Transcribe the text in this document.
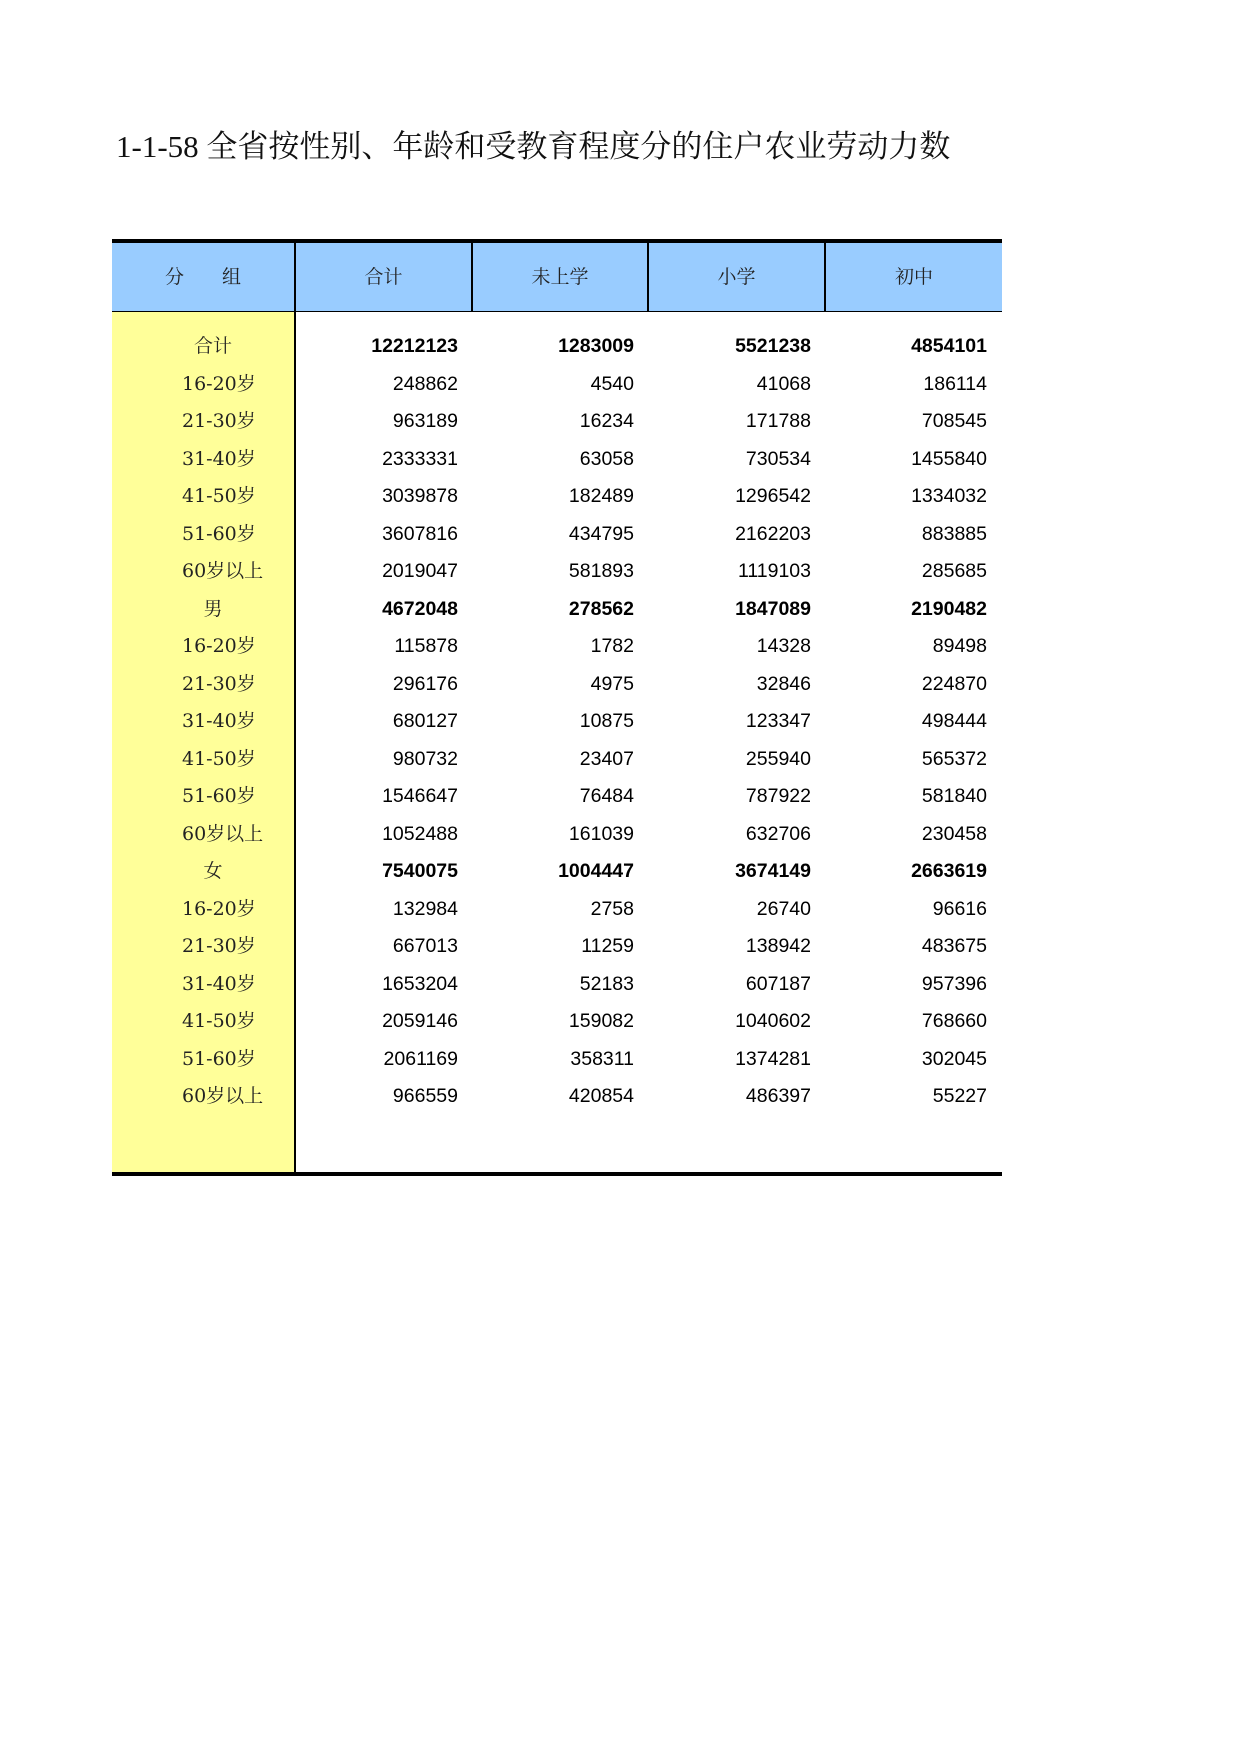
1-1-58 全省按性别、年龄和受教育程度分的住户农业劳动力数
分　　组	合计	未上学	小学	初中
合计	12212123	1283009	5521238	4854101
16-20岁	248862	4540	41068	186114
21-30岁	963189	16234	171788	708545
31-40岁	2333331	63058	730534	1455840
41-50岁	3039878	182489	1296542	1334032
51-60岁	3607816	434795	2162203	883885
60岁以上	2019047	581893	1119103	285685
男	4672048	278562	1847089	2190482
16-20岁	115878	1782	14328	89498
21-30岁	296176	4975	32846	224870
31-40岁	680127	10875	123347	498444
41-50岁	980732	23407	255940	565372
51-60岁	1546647	76484	787922	581840
60岁以上	1052488	161039	632706	230458
女	7540075	1004447	3674149	2663619
16-20岁	132984	2758	26740	96616
21-30岁	667013	11259	138942	483675
31-40岁	1653204	52183	607187	957396
41-50岁	2059146	159082	1040602	768660
51-60岁	2061169	358311	1374281	302045
60岁以上	966559	420854	486397	55227
